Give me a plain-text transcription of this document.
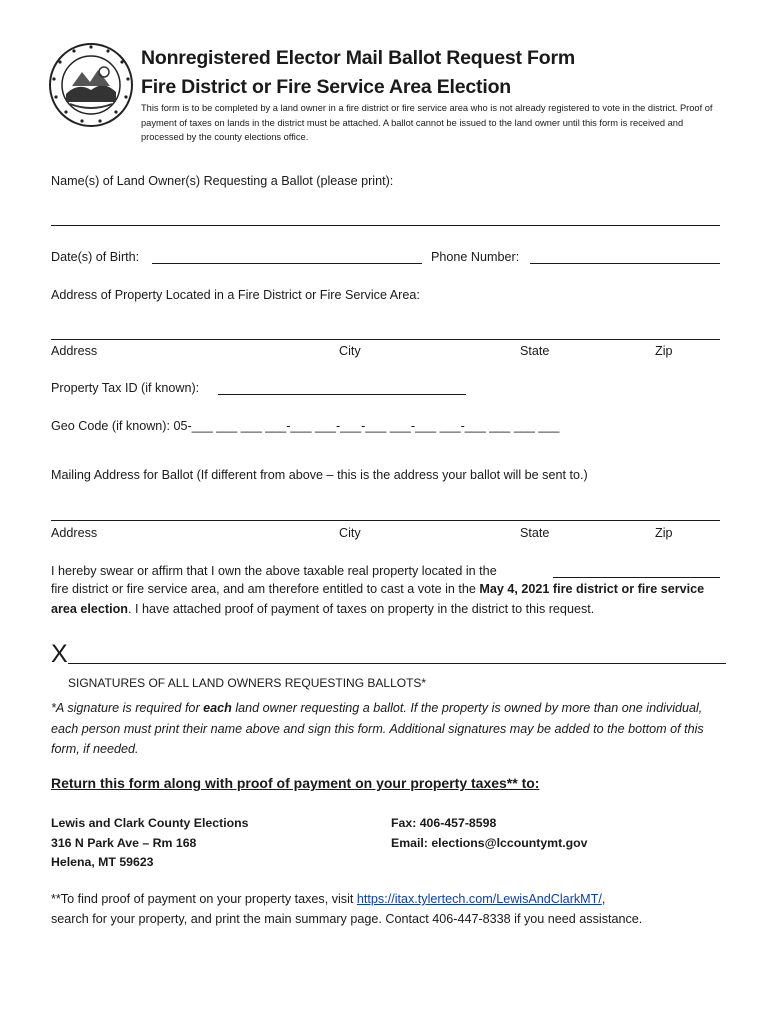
Nonregistered Elector Mail Ballot Request Form
Fire District or Fire Service Area Election
This form is to be completed by a land owner in a fire district or fire service area who is not already registered to vote in the district. Proof of payment of taxes on lands in the district must be attached. A ballot cannot be issued to the land owner until this form is received and processed by the county elections office.
Name(s) of Land Owner(s) Requesting a Ballot (please print):
Date(s) of Birth:	Phone Number:
Address of Property Located in a Fire District or Fire Service Area:
Address	City	State	Zip
Property Tax ID (if known):
Geo Code (if known): 05-___ ___ ___ ___-___ ___-___-___ ___-___ ___-___ ___ ___ ___
Mailing Address for Ballot (If different from above – this is the address your ballot will be sent to.)
Address	City	State	Zip
I hereby swear or affirm that I own the above taxable real property located in the
fire district or fire service area, and am therefore entitled to cast a vote in the May 4, 2021 fire district or fire service area election. I have attached proof of payment of taxes on property in the district to this request.
X
SIGNATURES OF ALL LAND OWNERS REQUESTING BALLOTS*
*A signature is required for each land owner requesting a ballot. If the property is owned by more than one individual, each person must print their name above and sign this form. Additional signatures may be added to the bottom of this form, if needed.
Return this form along with proof of payment on your property taxes** to:
Lewis and Clark County Elections
316 N Park Ave – Rm 168
Helena, MT 59623
Fax: 406-457-8598
Email: elections@lccountymt.gov
**To find proof of payment on your property taxes, visit https://itax.tylertech.com/LewisAndClarkMT/,
search for your property, and print the main summary page. Contact 406-447-8338 if you need assistance.
